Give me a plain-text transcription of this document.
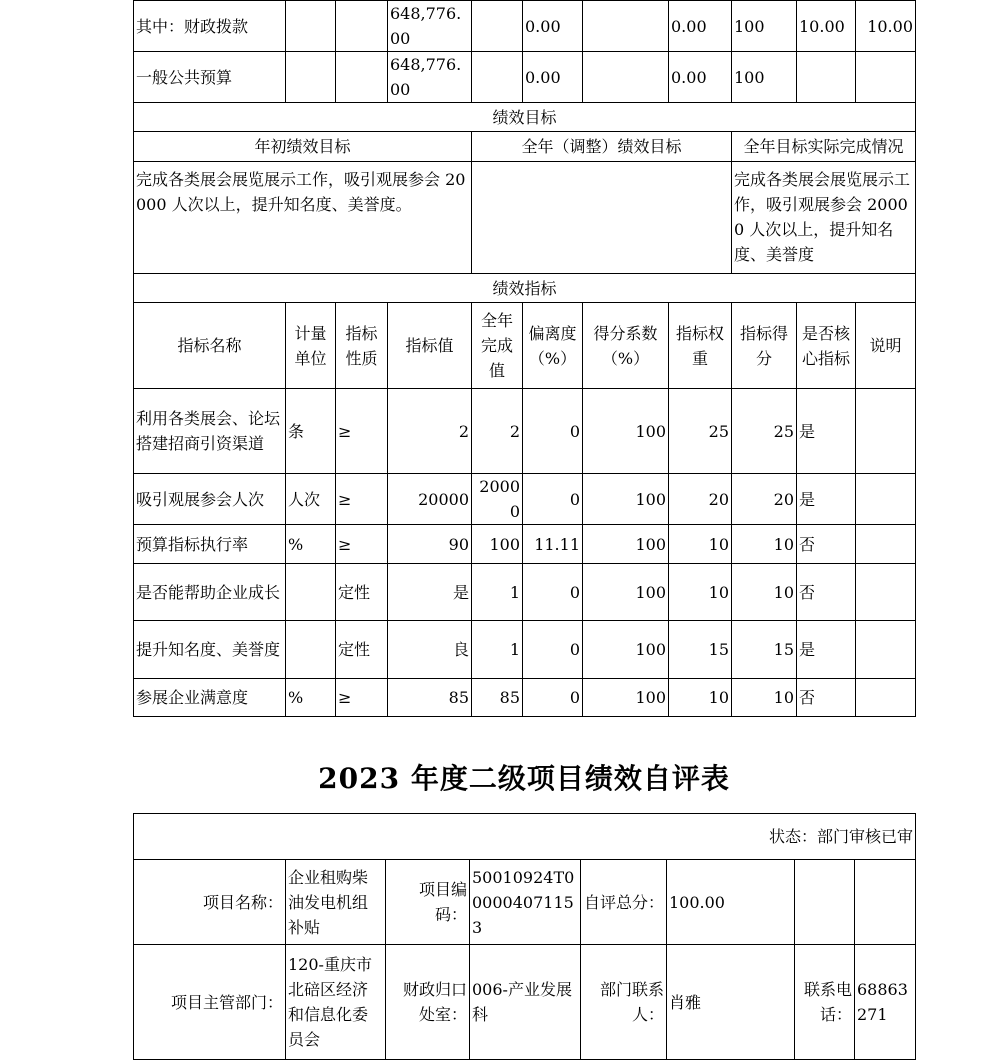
其中：财政拨款			648,776.00		0.00		0.00	100	10.00	10.00
一般公共预算			648,776.00		0.00		0.00	100		
绩效目标										
年初绩效目标				全年（调整）绩效目标				全年目标实际完成情况		
完成各类展会展览展示工作，吸引观展参会 20000 人次以上，提升知名度、美誉度。								完成各类展会展览展示工作，吸引观展参会 20000 人次以上，提升知名度、美誉度		
绩效指标										
指标名称	计量单位	指标性质	指标值	全年完成值	偏离度（%）	得分系数（%）	指标权重	指标得分	是否核心指标	说明
利用各类展会、论坛搭建招商引资渠道	条	≥	2	2	0	100	25	25	是	
吸引观展参会人次	人次	≥	20000	20000	0	100	20	20	是	
预算指标执行率	%	≥	90	100	11.11	100	10	10	否	
是否能帮助企业成长		定性	是	1	0	100	10	10	否	
提升知名度、美誉度		定性	良	1	0	100	15	15	是	
参展企业满意度	%	≥	85	85	0	100	10	10	否	
2023 年度二级项目绩效自评表
状态：部门审核已审							
项目名称：	企业租购柴油发电机组补贴	项目编码：	50010924T000004071153	自评总分：	100.00		
项目主管部门：	120-重庆市北碚区经济和信息化委员会	财政归口处室：	006-产业发展科	部门联系人：	肖雅	联系电话：	68863271
